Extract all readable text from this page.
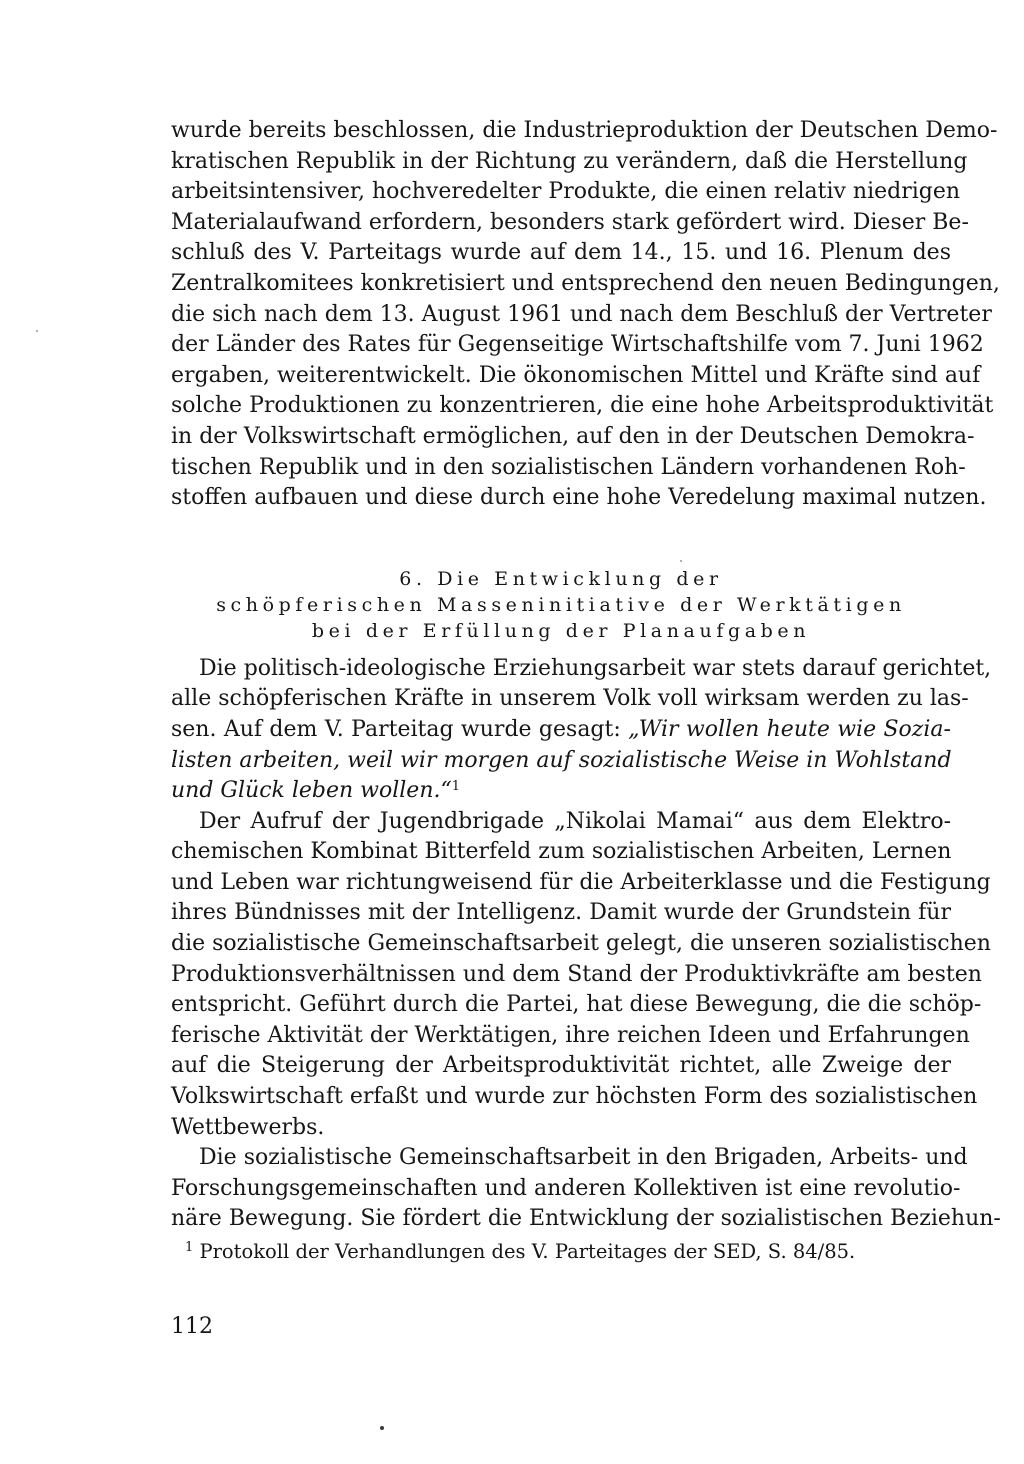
wurde bereits beschlossen, die Industrieproduktion der Deutschen Demo-
kratischen Republik in der Richtung zu verändern, daß die Herstellung
arbeitsintensiver, hochveredelter Produkte, die einen relativ niedrigen
Materialaufwand erfordern, besonders stark gefördert wird. Dieser Be-
schluß des V. Parteitags wurde auf dem 14., 15. und 16. Plenum des
Zentralkomitees konkretisiert und entsprechend den neuen Bedingungen,
die sich nach dem 13. August 1961 und nach dem Beschluß der Vertreter
der Länder des Rates für Gegenseitige Wirtschaftshilfe vom 7. Juni 1962
ergaben, weiterentwickelt. Die ökonomischen Mittel und Kräfte sind auf
solche Produktionen zu konzentrieren, die eine hohe Arbeitsproduktivität
in der Volkswirtschaft ermöglichen, auf den in der Deutschen Demokra-
tischen Republik und in den sozialistischen Ländern vorhandenen Roh-
stoffen aufbauen und diese durch eine hohe Veredelung maximal nutzen.

6. Die Entwicklung der
schöpferischen Masseninitiative der Werktätigen
bei der Erfüllung der Planaufgaben

Die politisch-ideologische Erziehungsarbeit war stets darauf gerichtet,
alle schöpferischen Kräfte in unserem Volk voll wirksam werden zu las-
sen. Auf dem V. Parteitag wurde gesagt: „Wir wollen heute wie Sozia-
listen arbeiten, weil wir morgen auf sozialistische Weise in Wohlstand
und Glück leben wollen.“$^1$

Der Aufruf der Jugendbrigade „Nikolai Mamai“ aus dem Elektro-
chemischen Kombinat Bitterfeld zum sozialistischen Arbeiten, Lernen
und Leben war richtungweisend für die Arbeiterklasse und die Festigung
ihres Bündnisses mit der Intelligenz. Damit wurde der Grundstein für
die sozialistische Gemeinschaftsarbeit gelegt, die unseren sozialistischen
Produktionsverhältnissen und dem Stand der Produktivkräfte am besten
entspricht. Geführt durch die Partei, hat diese Bewegung, die die schöp-
ferische Aktivität der Werktätigen, ihre reichen Ideen und Erfahrungen
auf die Steigerung der Arbeitsproduktivität richtet, alle Zweige der
Volkswirtschaft erfaßt und wurde zur höchsten Form des sozialistischen
Wettbewerbs.

Die sozialistische Gemeinschaftsarbeit in den Brigaden, Arbeits- und
Forschungsgemeinschaften und anderen Kollektiven ist eine revolutio-
näre Bewegung. Sie fördert die Entwicklung der sozialistischen Beziehun-

$^1$ Protokoll der Verhandlungen des V. Parteitages der SED, S. 84/85.
112
